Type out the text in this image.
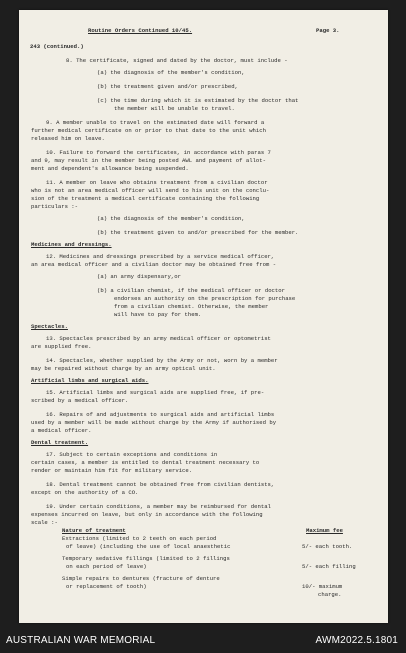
Routine Orders Continued 10/45.	Page 3.
243 (continued.)
8. The certificate, signed and dated by the doctor, must include -
(a) the diagnosis of the member's condition,
(b) the treatment given and/or prescribed,
(c) the time during which it is estimated by the doctor that
the member will be unable to travel.
9. A member unable to travel on the estimated date will forward a
further medical certificate on or prior to that date to the unit which
released him on leave.
10. Failure to forward the certificates, in accordance with paras 7
and 9, may result in the member being posted AWL and payment of allot-
ment and dependent's allowance being suspended.
11. A member on leave who obtains treatment from a civilian doctor
who is not an area medical officer will send to his unit on the conclu-
sion of the treatment a medical certificate containing the following
particulars :-
(a) the diagnosis of the member's condition,
(b) the treatment given to and/or prescribed for the member.
12. Medicines and dressings prescribed by a service medical officer,
an area medical officer and a civilian doctor may be obtained free from -
(a) an army dispensary,or
(b) a civilian chemist, if the medical officer or doctor
endorses an authority on the prescription for purchase
from a civilian chemist. Otherwise, the member
will have to pay for them.
13. Spectacles prescribed by an army medical officer or optometrist
are supplied free.
14. Spectacles, whether supplied by the Army or not, worn by a member
may be repaired without charge by an army optical unit.
15. Artificial limbs and surgical aids are supplied free, if pre-
scribed by a medical officer.
16. Repairs of and adjustments to surgical aids and artificial limbs
used by a member will be made without charge by the Army if authorised by
a medical officer.
17. Subject to certain exceptions and conditions in
certain cases, a member is entitled to dental treatment necessary to
render or maintain him fit for military service.
18. Dental treatment cannot be obtained free from civilian dentists,
except on the authority of a CO.
19. Under certain conditions, a member may be reimbursed for dental
expenses incurred on leave, but only in accordance with the following
scale :-
Medicines and dressings.
Spectacles.
Artificial limbs and surgical aids.
Dental treatment.
Nature of treatment	Maximum fee
Extractions (limited to 2 teeth on each period
of leave) (including the use of local anaesthetic	5/- each tooth.
Temporary sedative fillings (limited to 2 fillings
on each period of leave)	5/- each filling
Simple repairs to dentures (fracture of denture
or replacement of tooth)	10/- maximum
charge.
AUSTRALIAN WAR MEMORIAL	AWM2022.5.1801
